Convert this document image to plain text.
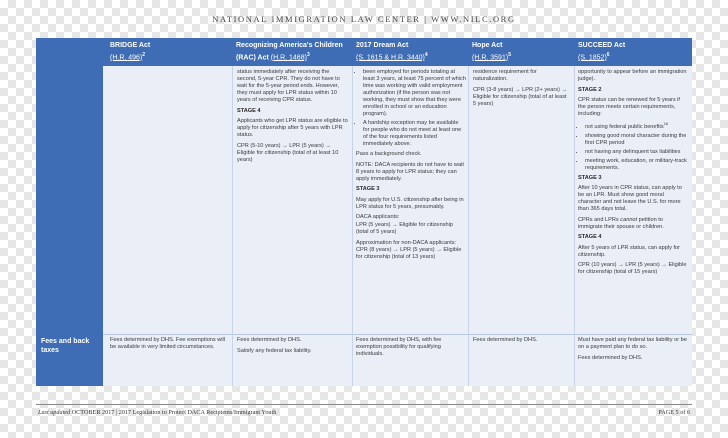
NATIONAL IMMIGRATION LAW CENTER | WWW.NILC.ORG
BRIDGE Act
(H.R. 496)$^2$
Recognizing America's Children (RAC) Act (H.R. 1468)$^3$
2017 Dream Act
(S. 1615 & H.R. 3440)$^4$
Hope Act
(H.R. 3591)$^5$
SUCCEED Act
(S. 1852)$^6$
Fees and back taxes

status immediately after receiving the second, 5-year CPR. They do not have to wait for the 5-year period ends. However, they must apply for LPR status within 10 years of receiving CPR status.

STAGE 4

Applicants who get LPR status are eligible to apply for citizenship after 5 years with LPR status.

CPR (5-10 years) → LPR (5 years) → Eligible for citizenship (total of at least 10 years)

• been employed for periods totaling at least 3 years, at least 75 percent of which time was working with valid employment authorization (if the person was not working, they must show that they were enrolled in school or an education program).
• A hardship exception may be available for people who do not meet at least one of the four requirements listed immediately above.

Pass a background check.

NOTE: DACA recipients do not have to wait 8 years to apply for LPR status; they can apply immediately.

STAGE 3

May apply for U.S. citizenship after being in LPR status for 5 years, presumably.

DACA applicants:

LPR (5 years) → Eligible for citizenship (total of 5 years)

Approximation for non-DACA applicants: CPR (8 years) → LPR (5 years) → Eligible for citizenship (total of 13 years)

residence requirement for naturalization.

CPR (3-8 years) → LPR (2+ years) → Eligible for citizenship (total of at least 5 years)

opportunity to appear before an immigration judge).

STAGE 2

CPR status can be renewed for 5 years if the person meets certain requirements, including:

• not using federal public benefits$^{16}$
• showing good moral character during the first CPR period
• not having any delinquent tax liabilities
• meeting work, education, or military-track requirements.

STAGE 3

After 10 years in CPR status, can apply to be an LPR. Must show good moral character and not leave the U.S. for more than 365 days total.

CPRs and LPRs cannot petition to immigrate their spouse or children.

STAGE 4

After 5 years of LPR status, can apply for citizenship.

CPR (10 years) → LPR (5 years) → Eligible for citizenship (total of 15 years)

Fees determined by DHS. Fee exemptions will be available in very limited circumstances.

Fees determined by DHS.

Satisfy any federal tax liability.

Fees determined by DHS, with fee exemption possibility for qualifying individuals.

Fees determined by DHS.	Must have paid any federal tax liability or be on a payment plan to do so.

Fees determined by DHS.

Last updated OCTOBER 2017 | 2017 Legislation to Protect DACA Recipients/Immigrant Youth	PAGE 5 of 6
